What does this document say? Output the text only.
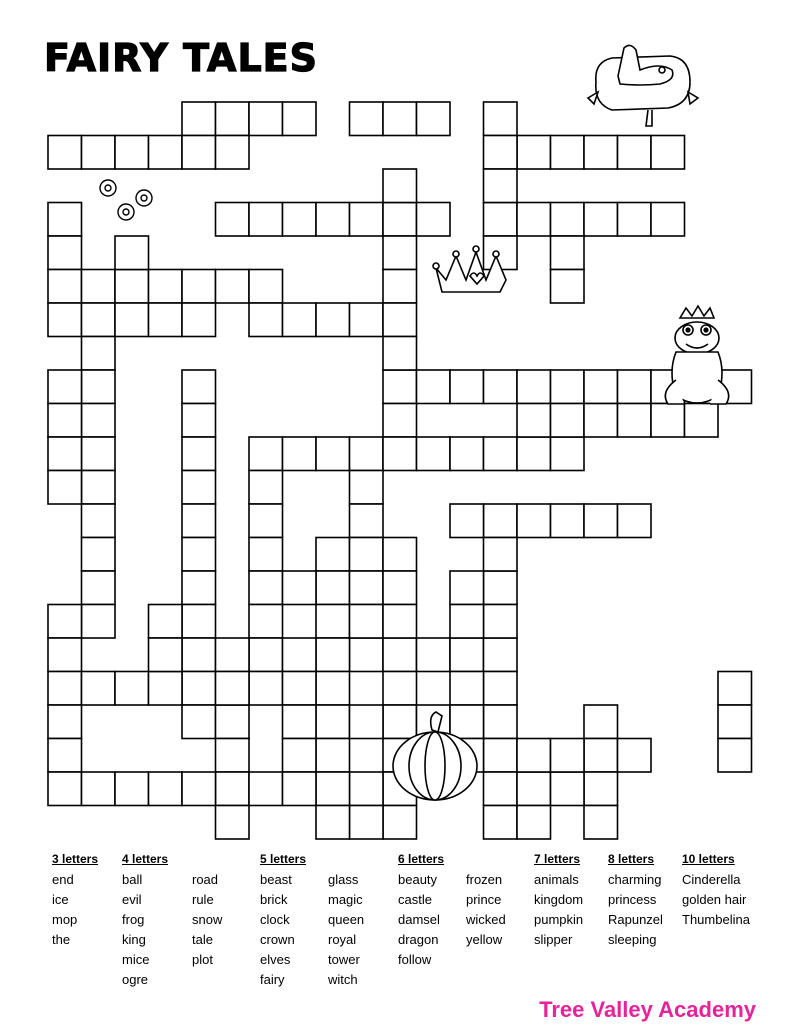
FAIRY TALES
3 letters
end
ice
mop
the
4 letters
ball
evil
frog
king
mice
ogre
road
rule
snow
tale
plot
5 letters
beast
brick
clock
crown
elves
fairy
glass
magic
queen
royal
tower
witch
6 letters
beauty
castle
damsel
dragon
follow
frozen
prince
wicked
yellow
7 letters
animals
kingdom
pumpkin
slipper
8 letters
charming
princess
Rapunzel
sleeping
10 letters
Cinderella
golden hair
Thumbelina
Tree Valley Academy
